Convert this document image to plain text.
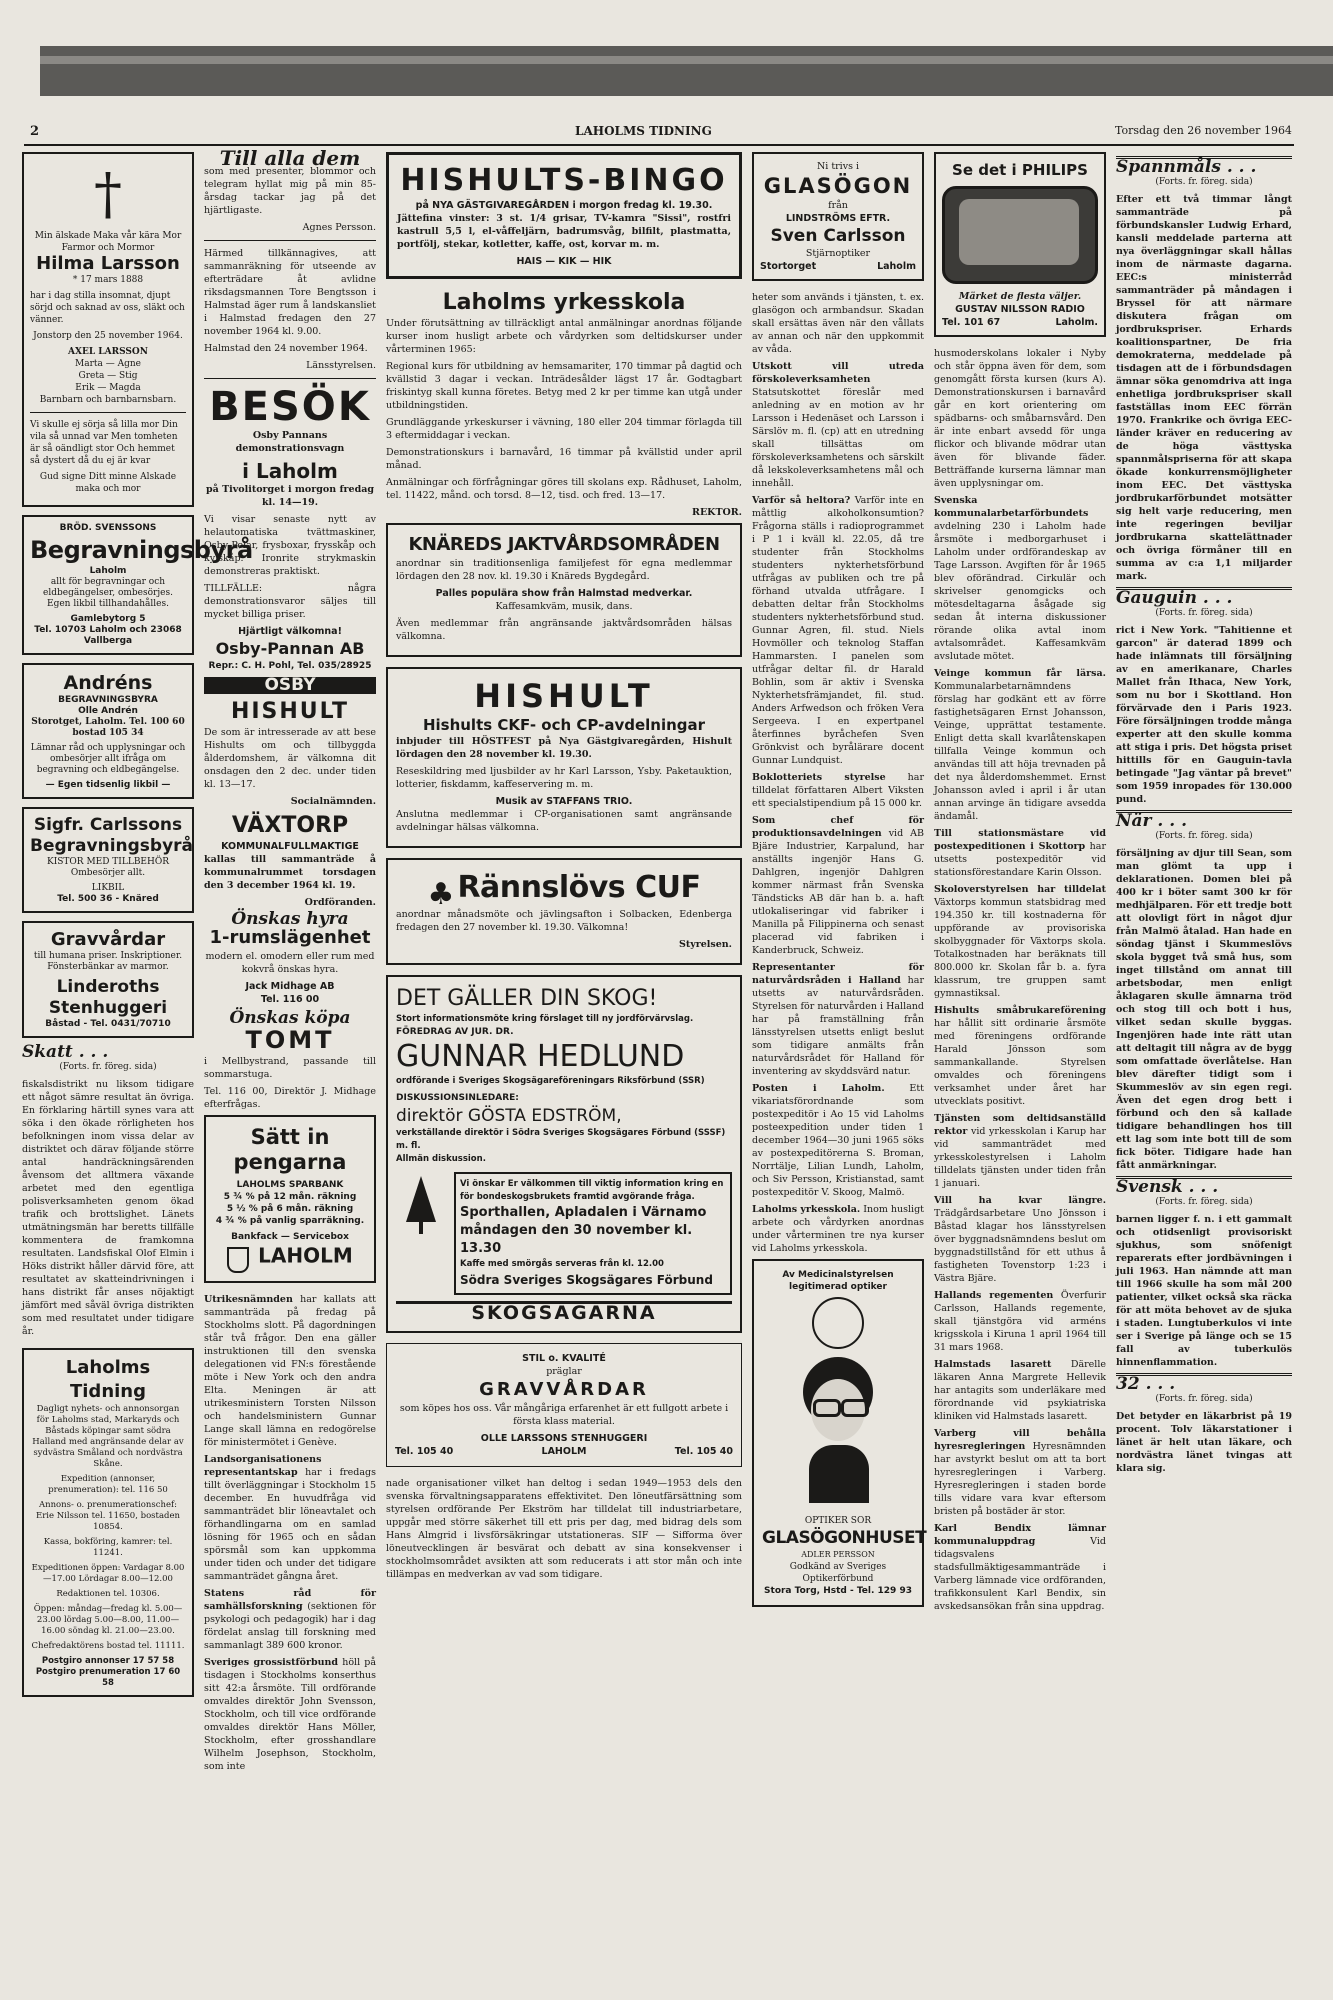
2	LAHOLMS TIDNING	Torsdag den 26 november 1964
†

Min älskade Maka vår kära Mor Farmor och Mormor

Hilma Larsson

* 17 mars 1888

har i dag stilla insomnat, djupt sörjd och saknad av oss, släkt och vänner.

Jonstorp den 25 november 1964.

AXEL LARSSON
Marta — Agne
Greta — Stig
Erik — Magda
Barnbarn och barnbarnsbarn.

Vi skulle ej sörja så lilla mor Din vila så unnad var Men tomheten är så oändligt stor Och hemmet så dystert då du ej är kvar

Gud signe Ditt minne Alskade maka och mor

BRÖD. SVENSSONS
Begravningsbyrå
Laholm

allt för begravningar och eldbegängelser, ombesörjes. Egen likbil tillhandahålles.

Gamlebytorg 5
Tel. 10703 Laholm och 23068 Vallberga
Andréns
BEGRAVNINGSBYRA
Olle Andrén

Storotget, Laholm. Tel. 100 60 bostad 105 34

Lämnar råd och upplysningar och ombesörjer allt ifråga om begravning och eldbegängelse.

— Egen tidsenlig likbil —
Sigfr. Carlssons
Begravningsbyrå
KISTOR MED TILLBEHÖR
Ombesörjer allt.
LIKBIL
Tel. 500 36 - Knäred
Gravvårdar

till humana priser. Inskriptioner. Fönsterbänkar av marmor.

Linderoths
Stenhuggeri
Båstad - Tel. 0431/70710
Skatt . . .
(Forts. fr. föreg. sida)

fiskalsdistrikt nu liksom tidigare ett något sämre resultat än övriga. En förklaring härtill synes vara att söka i den ökade rörligheten hos befolkningen inom vissa delar av distriktet och därav följande större antal handräckningsärenden åvensom det alltmera växande arbetet med den egentliga polisverksamheten genom ökad trafik och brottslighet. Länets utmätningsmän har beretts tillfälle kommentera de framkomna resultaten. Landsfiskal Olof Elmin i Höks distrikt håller därvid före, att resultatet av skatteindrivningen i hans distrikt får anses nöjaktigt jämfört med såväl övriga distrikten som med resultatet under tidigare år.

Laholms Tidning

Dagligt nyhets- och annonsorgan för Laholms stad, Markaryds och Båstads köpingar samt södra Halland med angränsande delar av sydvästra Småland och nordvästra Skåne.

Expedition (annonser, prenumeration): tel. 116 50

Annons- o. prenumerationschef: Erie Nilsson tel. 11650, bostaden 10854.

Kassa, bokföring, kamrer: tel. 11241.

Expeditionen öppen: Vardagar 8.00—17.00 Lördagar 8.00—12.00

Redaktionen tel. 10306.

Öppen: måndag—fredag kl. 5.00—23.00 lördag 5.00—8.00, 11.00—16.00 söndag kl. 21.00—23.00.

Chefredaktörens bostad tel. 11111.

Postgiro annonser 17 57 58
Postgiro prenumeration 17 60 58
Till alla dem

som med presenter, blommor och telegram hyllat mig på min 85-årsdag tackar jag på det hjärtligaste.

Agnes Persson.

Härmed tillkännagives, att sammanräkning för utseende av efterträdare åt avlidne riksdagsmannen Tore Bengtsson i Halmstad äger rum å landskansliet i Halmstad fredagen den 27 november 1964 kl. 9.00.

Halmstad den 24 november 1964.

Länsstyrelsen.

BESÖK

Osby Pannans demonstrationsvagn

i Laholm

på Tivolitorget i morgon fredag kl. 14—19.

Vi visar senaste nytt av helautomatiska tvättmaskiner, Osby-Polar, frysboxar, frysskåp och kylskåp. Ironrite strykmaskin demonstreras praktiskt.

TILLFÄLLE: några demonstrationsvaror säljes till mycket billiga priser.

Hjärtligt välkomna!
Osby-Pannan AB
Repr.: C. H. Pohl, Tel. 035/28925
OSBY
HISHULT

De som är intresserade av att bese Hishults om och tillbyggda ålderdomshem, är välkomna dit onsdagen den 2 dec. under tiden kl. 13—17.

Socialnämnden.

VÄXTORP
KOMMUNALFULLMAKTIGE

kallas till sammanträde å kommunalrummet torsdagen den 3 december 1964 kl. 19.

Ordföranden.

Önskas hyra
1-rumslägenhet

modern el. omodern eller rum med kokvrå önskas hyra.

Jack Midhage AB
Tel. 116 00
Önskas köpa
TOMT

i Mellbystrand, passande till sommarstuga.

Tel. 116 00, Direktör J. Midhage efterfrågas.

Sätt in
pengarna
LAHOLMS SPARBANK
5 ¾ % på 12 mån. räkning
5 ½ % på 6 mån. räkning
4 ¾ % på vanlig sparräkning.
Bankfack — Servicebox
LAHOLM

Utrikesnämnden har kallats att sammanträda på fredag på Stockholms slott. På dagordningen står två frågor. Den ena gäller instruktionen till den svenska delegationen vid FN:s förestående möte i New York och den andra Elta. Meningen är att utrikesministern Torsten Nilsson och handelsministern Gunnar Lange skall lämna en redogörelse för ministermötet i Genève.

Landsorganisationens representantskap har i fredags tillt överläggningar i Stockholm 15 december. En huvudfråga vid sammanträdet blir löneavtalet och förhandlingarna om en samlad lösning för 1965 och en sådan spörsmål som kan uppkomma under tiden och under det tidigare sammanträdet gångna året.

Statens råd för samhällsforskning (sektionen för psykologi och pedagogik) har i dag fördelat anslag till forskning med sammanlagt 389 600 kronor.

Sveriges grossistförbund höll på tisdagen i Stockholms konserthus sitt 42:a årsmöte. Till ordförande omvaldes direktör John Svensson, Stockholm, och till vice ordförande omvaldes direktör Hans Möller, Stockholm, efter grosshandlare Wilhelm Josephson, Stockholm, som inte

HISHULTS-BINGO
på NYA GÄSTGIVAREGÅRDEN i morgon fredag kl. 19.30.

Jättefina vinster: 3 st. 1/4 grisar, TV-kamra "Sissi", rostfri kastrull 5,5 l, el-våffeljärn, badrumsvåg, bilfilt, plastmatta, portfölj, stekar, kotletter, kaffe, ost, korvar m. m.

HAIS — KIK — HIK
Laholms yrkesskola

Under förutsättning av tillräckligt antal anmälningar anordnas följande kurser inom husligt arbete och vårdyrken som deltidskurser under vårterminen 1965:

Regional kurs för utbildning av hemsamariter, 170 timmar på dagtid och kvällstid 3 dagar i veckan. Inträdesålder lägst 17 år. Godtagbart friskintyg skall kunna företes. Betyg med 2 kr per timme kan utgå under utbildningstiden.

Grundläggande yrkeskurser i vävning, 180 eller 204 timmar förlagda till 3 eftermiddagar i veckan.

Demonstrationskurs i barnavård, 16 timmar på kvällstid under april månad.

Anmälningar och förfrågningar göres till skolans exp. Rådhuset, Laholm, tel. 11422, månd. och torsd. 8—12, tisd. och fred. 13—17.

REKTOR.

KNÄREDS JAKTVÅRDSOMRÅDEN

anordnar sin traditionsenliga familjefest för egna medlemmar lördagen den 28 nov. kl. 19.30 i Knäreds Bygdegård.

Palles populära show från Halmstad medverkar.

Kaffesamkväm, musik, dans.

Även medlemmar från angränsande jaktvårdsområden hälsas välkomna.

HISHULT
Hishults CKF- och CP-avdelningar

inbjuder till HÖSTFEST på Nya Gästgivaregården, Hishult lördagen den 28 november kl. 19.30.

Reseskildring med ljusbilder av hr Karl Larsson, Ysby. Paketauktion, lotterier, fiskdamm, kaffeservering m. m.

Musik av STAFFANS TRIO.

Anslutna medlemmar i CP-organisationen samt angränsande avdelningar hälsas välkomna.

♣ Rännslövs CUF

anordnar månadsmöte och jävlingsafton i Solbacken, Edenberga fredagen den 27 november kl. 19.30. Välkomna!

Styrelsen.

DET GÄLLER DIN SKOG!
Stort informationsmöte kring förslaget till ny jordförvärvslag.
FÖREDRAG AV JUR. DR.
GUNNAR HEDLUND
ordförande i Sveriges Skogsägareföreningars Riksförbund (SSR)
DISKUSSIONSINLEDARE:
direktör GÖSTA EDSTRÖM,
verkställande direktör i Södra Sveriges Skogsägares Förbund (SSSF) m. fl.
Allmän diskussion.
Vi önskar Er välkommen till viktig information kring en för bondeskogsbrukets framtid avgörande fråga.
Sporthallen, Apladalen i Värnamo
måndagen den 30 november kl. 13.30
Kaffe med smörgås serveras från kl. 12.00
Södra Sveriges Skogsägares Förbund
SKOGSÄGARNA
STIL o. KVALITÉ
präglar
GRAVVÅRDAR

som köpes hos oss. Vår mångåriga erfarenhet är ett fullgott arbete i första klass material.

OLLE LARSSONS STENHUGGERI
Tel. 105 40	LAHOLM	Tel. 105 40

nade organisationer vilket han deltog i sedan 1949—1953 dels den svenska förvaltningsapparatens effektivitet. Den löneutfärsättning som styrelsen ordförande Per Ekström har tilldelat till industriarbetare, uppgår med större säkerhet till ett pris per dag, med bidrag dels som Hans Almgrid i livsförsäkringar utstationeras. SIF — Sifforma över löneutvecklingen är besvärat och debatt av sina konsekvenser i stockholmsområdet avsikten att som reducerats i att stor mån och inte tillämpas en medverkan av vad som tidigare.

Ni trivs i
GLASÖGON
från
LINDSTRÖMS EFTR.
Sven Carlsson
Stjärnoptiker
Stortorget	Laholm

heter som används i tjänsten, t. ex. glasögon och armbandsur. Skadan skall ersättas även när den vållats av annan och när den uppkommit av våda.

Utskott vill utreda förskoleverksamheten Statsutskottet föreslår med anledning av en motion av hr Larsson i Hedenäset och Larsson i Särslöv m. fl. (cp) att en utredning skall tillsättas om förskoleverksamhetens och särskilt då lekskoleverksamhetens mål och innehåll.

Varför så heltora? Varför inte en måttlig alkoholkonsumtion? Frågorna ställs i radioprogrammet i P 1 i kväll kl. 22.05, då tre studenter från Stockholms studenters nykterhetsförbund utfrågas av publiken och tre på förhand utvalda utfrågare. I debatten deltar från Stockholms studenters nykterhetsförbund stud. Gunnar Agren, fil. stud. Niels Hovmöller och teknolog Staffan Hammarsten. I panelen som utfrågar deltar fil. dr Harald Bohlin, som är aktiv i Svenska Nykterhetsfrämjandet, fil. stud. Anders Arfwedson och fröken Vera Sergeeva. I en expertpanel återfinnes byråchefen Sven Grönkvist och byrålärare docent Gunnar Lundquist.

Boklotteriets styrelse har tilldelat författaren Albert Viksten ett specialstipendium på 15 000 kr.

Som chef för produktionsavdelningen vid AB Bjäre Industrier, Karpalund, har anställts ingenjör Hans G. Dahlgren, ingenjör Dahlgren kommer närmast från Svenska Tändsticks AB där han b. a. haft utlokaliseringar vid fabriker i Manilla på Filippinerna och senast placerad vid fabriken i Kanderbruck, Schweiz.

Representanter för naturvårdsråden i Halland har utsetts av naturvårdsråden. Styrelsen för naturvården i Halland har på framställning från länsstyrelsen utsetts enligt beslut som tidigare anmälts från naturvårdsrådet för Halland för inventering av skyddsvärd natur.

Posten i Laholm.	Ett vikariatsförordnande som postexpeditör i Ao 15 vid Laholms posteexpedition under tiden 1 december 1964—30 juni 1965 söks av postexpeditörerna S. Broman, Norrtälje, Lilian Lundh, Laholm, och Siv Persson, Kristianstad, samt postexpeditör V. Skoog, Malmö.

Laholms yrkesskola. Inom husligt arbete och vårdyrken anordnas under vårterminen tre nya kurser vid Laholms yrkesskola.

Av Medicinalstyrelsen legitimerad optiker
OPTIKER SOR
GLASÖGONHUSET
ADLER PERSSON
Godkänd av Sveriges Optikerförbund
Stora Torg, Hstd - Tel. 129 93
Se det i PHILIPS
Märket de flesta väljer.
GUSTAV NILSSON RADIO
Tel. 101 67	Laholm.

husmoderskolans lokaler i Nyby och står öppna även för dem, som genomgått första kursen (kurs A). Demonstrationskursen i barnavård går en kort orientering om spädbarns- och småbarnsvård. Den är inte enbart avsedd för unga flickor och blivande mödrar utan även för blivande fäder. Betträffande kurserna lämnar man även upplysningar om.

Svenska kommunalarbetarförbundets avdelning 230 i Laholm hade årsmöte i medborgarhuset i Laholm under ordförandeskap av Tage Larsson. Avgiften för år 1965 blev oförändrad. Cirkulär och skrivelser genomgicks och mötesdeltagarna åsågade sig sedan åt interna diskussioner rörande olika avtal inom avtalsområdet. Kaffesamkväm avslutade mötet.

Veinge kommun får lärsa. Kommunalarbetarnämndens förslag har godkänt ett av förre fastighetsägaren Ernst Johansson, Veinge, upprättat testamente. Enligt detta skall kvarlåtenskapen tillfalla Veinge kommun och användas till att höja trevnaden på det nya ålderdomshemmet. Ernst Johansson avled i april i år utan annan arvinge än tidigare avsedda ändamål.

Till stationsmästare vid postexpeditionen i Skottorp har utsetts postexpeditör vid stationsförestandare Karin Olsson.

Skoloverstyrelsen har tilldelat Växtorps kommun statsbidrag med 194.350 kr. till kostnaderna för uppförande av provisoriska skolbyggnader för Växtorps skola. Totalkostnaden har beräknats till 800.000 kr. Skolan får b. a. fyra klassrum, tre gruppen samt gymnastiksal.

Hishults småbrukareförening har hållit sitt ordinarie årsmöte med föreningens ordförande Harald Jönsson som sammankallande. Styrelsen omvaldes och föreningens verksamhet under året har utvecklats positivt.

Tjänsten som deltidsanställd rektor vid yrkesskolan i Karup har vid sammanträdet med yrkesskolestyrelsen i Laholm tilldelats tjänsten under tiden från 1 januari.

Vill ha kvar längre. Trädgårdsarbetare Uno Jönsson i Båstad klagar hos länsstyrelsen över byggnadsnämndens beslut om byggnadstillstånd för ett uthus å fastigheten Tovenstorp 1:23 i Västra Bjäre.

Hallands regementen Överfurir Carlsson, Hallands regemente, skall tjänstgöra vid arméns krigsskola i Kiruna 1 april 1964 till 31 mars 1968.

Halmstads lasarett Därelle läkaren Anna Margrete Hellevik har antagits som underläkare med förordnande vid psykiatriska kliniken vid Halmstads lasarett.

Varberg vill behålla hyresregleringen Hyresnämnden har avstyrkt beslut om att ta bort hyresregleringen i Varberg. Hyresregleringen i staden borde tills vidare vara kvar eftersom bristen på bostäder är stor.

Karl Bendix lämnar kommunaluppdrag	Vid tidagsvalens stadsfullmäktigesammanträde i Varberg lämnade vice ordföranden, trafikkonsulent Karl Bendix, sin avskedsansökan från sina uppdrag.

Spannmåls . . .
(Forts. fr. föreg. sida)

Efter ett två timmar långt sammanträde på förbundskansler Ludwig Erhard, kansli meddelade parterna att nya överläggningar skall hållas inom de närmaste dagarna. EEC:s ministerråd sammanträder på måndagen i Bryssel för att närmare diskutera frågan om jordbrukspriser. Erhards koalitionspartner, De fria demokraterna, meddelade på tisdagen att de i förbundsdagen ämnar söka genomdriva att inga enhetliga jordbrukspriser skall fastställas inom EEC förrän 1970. Frankrike och övriga EEC-länder kräver en reducering av de höga västtyska spannmålspriserna för att skapa ökade konkurrensmöjligheter inom EEC. Det västtyska jordbrukarförbundet motsätter sig helt varje reducering, men inte regeringen beviljar jordbrukarna skattelättnader och övriga förmåner till en summa av c:a 1,1 miljarder mark.

Gauguin . . .
(Forts. fr. föreg. sida)

rict i New York. "Tahitienne et garcon" är daterad 1899 och hade inlämnats till försäljning av en amerikanare, Charles Mallet från Ithaca, New York, som nu bor i Skottland. Hon förvärvade den i Paris 1923. Före försäljningen trodde många experter att den skulle komma att stiga i pris. Det högsta priset hittills för en Gauguin-tavla betingade "Jag väntar på brevet" som 1959 inropades för 130.000 pund.

När . . .
(Forts. fr. föreg. sida)

försäljning av djur till Sean, som man glömt ta upp i deklarationen. Domen blei på 400 kr i böter samt 300 kr för medhjälparen. För ett tredje bott att olovligt fört in något djur från Malmö åtalad. Han hade en söndag tjänst i Skummeslövs skola bygget två små hus, som inget tillstånd om annat till arbetsbodar, men enligt åklagaren skulle ämnarna tröd och stog till och bott i hus, vilket sedan skulle byggas. Ingenjören hade inte rätt utan att deltagit till några av de bygg som omfattade överlåtelse. Han blev därefter tidigt som i Skummeslöv av sin egen regi. Även det egen drog bett i förbund och den så kallade tidigare behandlingen hos till ett lag som inte bott till de som fick böter. Tidigare hade han fått anmärkningar.

Svensk . . .
(Forts. fr. föreg. sida)

barnen ligger f. n. i ett gammalt och otidsenligt provisoriskt sjukhus, som snöfenigt reparerats efter jordbävningen i juli 1963. Han nämnde att man till 1966 skulle ha som mål 200 patienter, vilket också ska räcka för att möta behovet av de sjuka i staden. Lungtuberkulos vi inte ser i Sverige på länge och se 15 fall av tuberkulös hinnenflammation.

32 . . .
(Forts. fr. föreg. sida)

Det betyder en läkarbrist på 19 procent. Tolv läkarstationer i länet är helt utan läkare, och nordvästra länet tvingas att klara sig.
